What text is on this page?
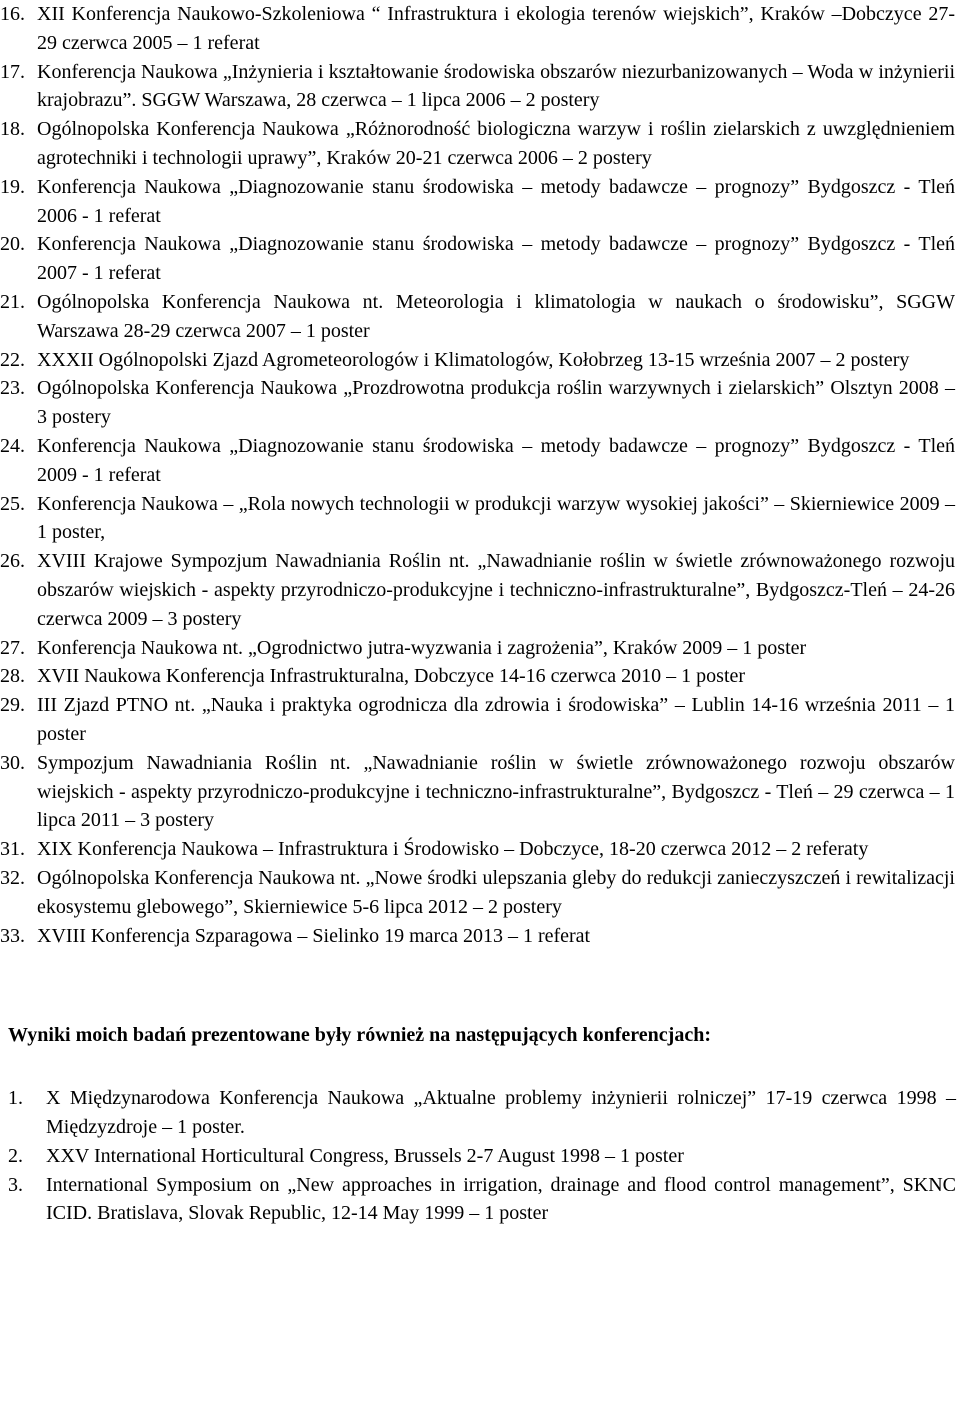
16. XII Konferencja Naukowo-Szkoleniowa “ Infrastruktura i ekologia terenów wiejskich”, Kraków –Dobczyce 27-29 czerwca 2005 – 1 referat
17. Konferencja Naukowa „Inżynieria i kształtowanie środowiska obszarów niezurbanizowanych – Woda w inżynierii krajobrazu”. SGGW Warszawa, 28 czerwca – 1 lipca 2006 – 2 postery
18. Ogólnopolska Konferencja Naukowa „Różnorodność biologiczna warzyw i roślin zielarskich z uwzględnieniem agrotechniki i technologii uprawy”, Kraków 20-21 czerwca 2006 – 2 postery
19. Konferencja Naukowa „Diagnozowanie stanu środowiska – metody badawcze – prognozy” Bydgoszcz - Tleń 2006 - 1 referat
20. Konferencja Naukowa „Diagnozowanie stanu środowiska – metody badawcze – prognozy” Bydgoszcz - Tleń 2007 - 1 referat
21. Ogólnopolska Konferencja Naukowa nt. Meteorologia i klimatologia w naukach o środowisku”, SGGW Warszawa 28-29 czerwca 2007 – 1 poster
22. XXXII Ogólnopolski Zjazd Agrometeorologów i Klimatologów, Kołobrzeg 13-15 września 2007 – 2 postery
23. Ogólnopolska Konferencja Naukowa „Prozdrowotna produkcja roślin warzywnych i zielarskich” Olsztyn 2008 – 3 postery
24. Konferencja Naukowa „Diagnozowanie stanu środowiska – metody badawcze – prognozy” Bydgoszcz - Tleń 2009 - 1 referat
25. Konferencja Naukowa – „Rola nowych technologii w produkcji warzyw wysokiej jakości” – Skierniewice 2009 – 1 poster,
26. XVIII Krajowe Sympozjum Nawadniania Roślin nt. „Nawadnianie roślin w świetle zrównoważonego rozwoju obszarów wiejskich - aspekty przyrodniczo-produkcyjne i techniczno-infrastrukturalne”, Bydgoszcz-Tleń – 24-26 czerwca 2009 – 3 postery
27. Konferencja Naukowa nt. „Ogrodnictwo jutra-wyzwania i zagrożenia”, Kraków 2009 – 1 poster
28. XVII Naukowa Konferencja Infrastrukturalna, Dobczyce 14-16 czerwca 2010 – 1 poster
29. III Zjazd PTNO nt. „Nauka i praktyka ogrodnicza dla zdrowia i środowiska” – Lublin 14-16 września 2011 – 1 poster
30. Sympozjum Nawadniania Roślin nt. „Nawadnianie roślin w świetle zrównoważonego rozwoju obszarów wiejskich - aspekty przyrodniczo-produkcyjne i techniczno-infrastrukturalne”, Bydgoszcz - Tleń – 29 czerwca – 1 lipca 2011 – 3 postery
31. XIX Konferencja Naukowa – Infrastruktura i Środowisko – Dobczyce, 18-20 czerwca 2012 – 2 referaty
32. Ogólnopolska Konferencja Naukowa nt. „Nowe środki ulepszania gleby do redukcji zanieczyszczeń i rewitalizacji ekosystemu glebowego”, Skierniewice 5-6 lipca 2012 – 2 postery
33. XVIII Konferencja Szparagowa – Sielinko 19 marca 2013 – 1 referat

Wyniki moich badań prezentowane były również na następujących konferencjach:

1.	X Międzynarodowa Konferencja Naukowa „Aktualne problemy inżynierii rolniczej” 17-19 czerwca 1998 – Międzyzdroje – 1 poster.
2.	XXV International Horticultural Congress, Brussels 2-7 August 1998 – 1 poster
3.	International Symposium on „New approaches in irrigation, drainage and flood control management”, SKNC ICID. Bratislava, Slovak Republic, 12-14 May 1999 – 1 poster
